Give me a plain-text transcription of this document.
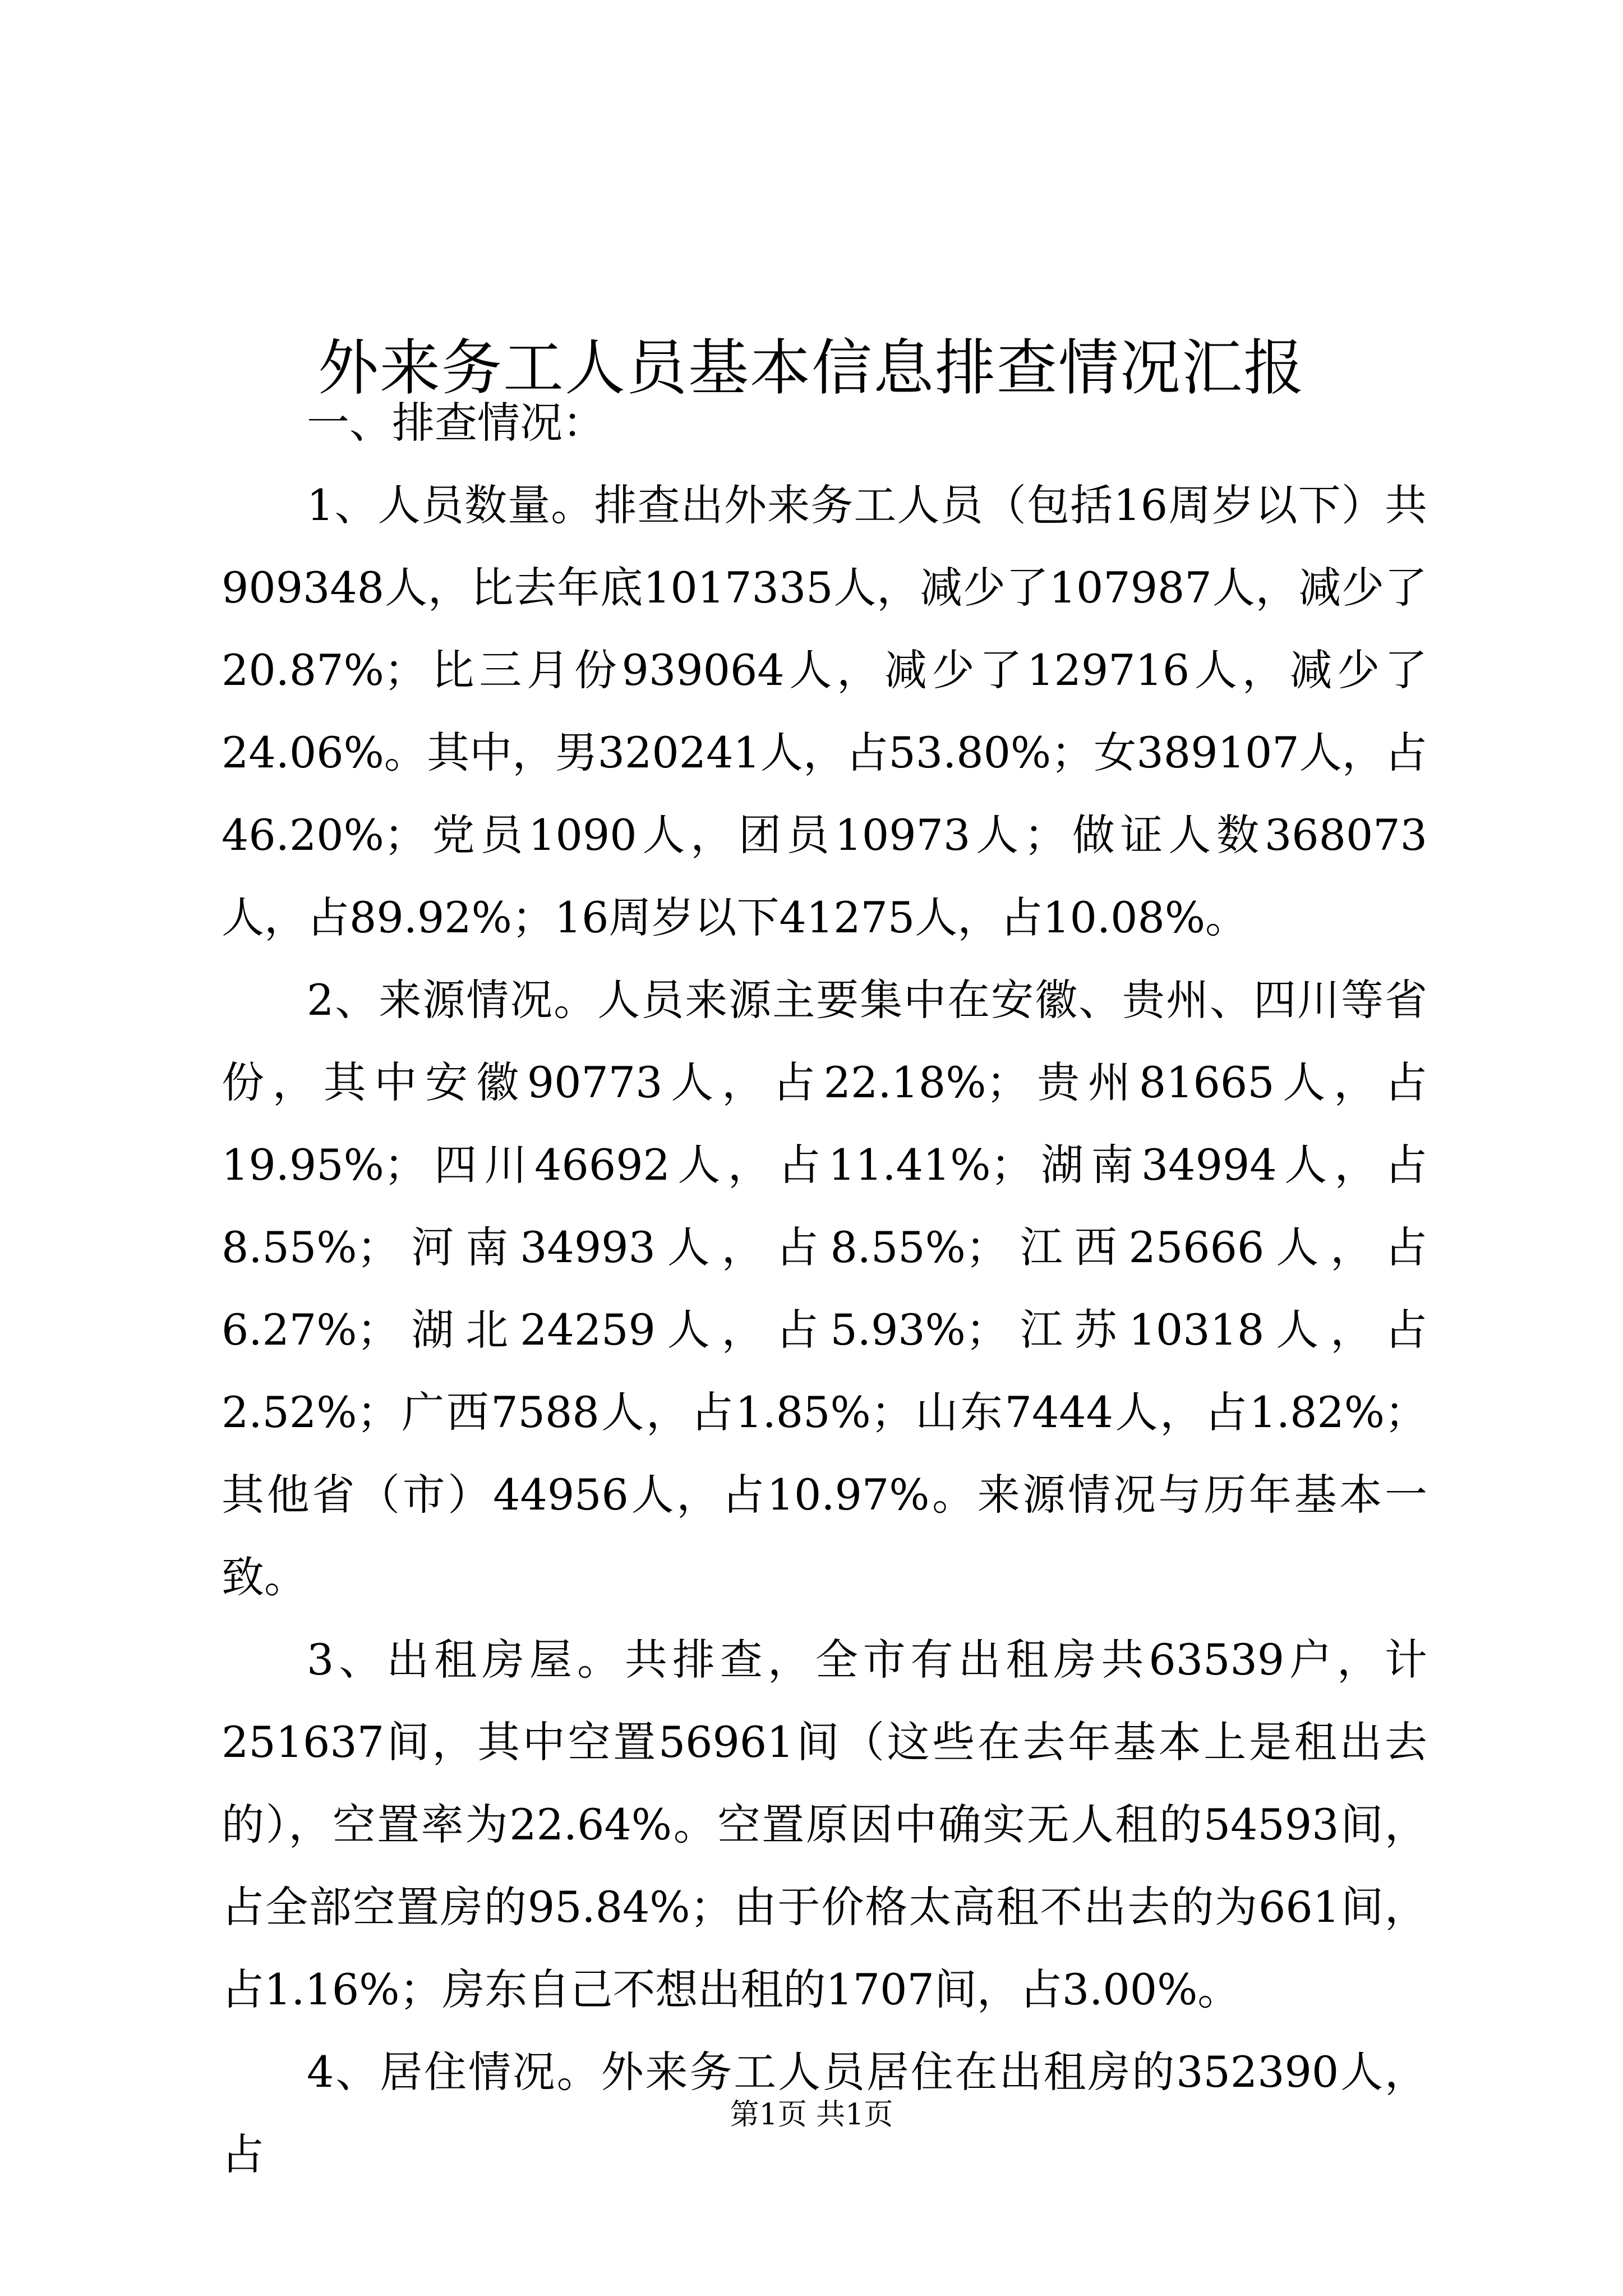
外来务工人员基本信息排查情况汇报

一、排查情况：

1、人员数量。排查出外来务工人员（包括16周岁以下）共909348人，比去年底1017335人，减少了107987人，减少了20.87%；比三月份939064人，减少了129716人，减少了24.06%。其中，男320241人，占53.80%；女389107人，占46.20%；党员1090人，团员10973人；做证人数368073人，占89.92%；16周岁以下41275人，占10.08%。

2、来源情况。人员来源主要集中在安徽、贵州、四川等省份，其中安徽90773人，占22.18%；贵州81665人，占19.95%；四川46692人，占11.41%；湖南34994人，占8.55%；河南34993人，占8.55%；江西25666人，占6.27%；湖北24259人，占5.93%；江苏10318人，占2.52%；广西7588人，占1.85%；山东7444人，占1.82%；其他省（市）44956人，占10.97%。来源情况与历年基本一致。

3、出租房屋。共排查，全市有出租房共63539户，计251637间，其中空置56961间（这些在去年基本上是租出去的），空置率为22.64%。空置原因中确实无人租的54593间，占全部空置房的95.84%；由于价格太高租不出去的为661间，占1.16%；房东自己不想出租的1707间，占3.00%。

4、居住情况。外来务工人员居住在出租房的352390人，占

第1页 共1页
